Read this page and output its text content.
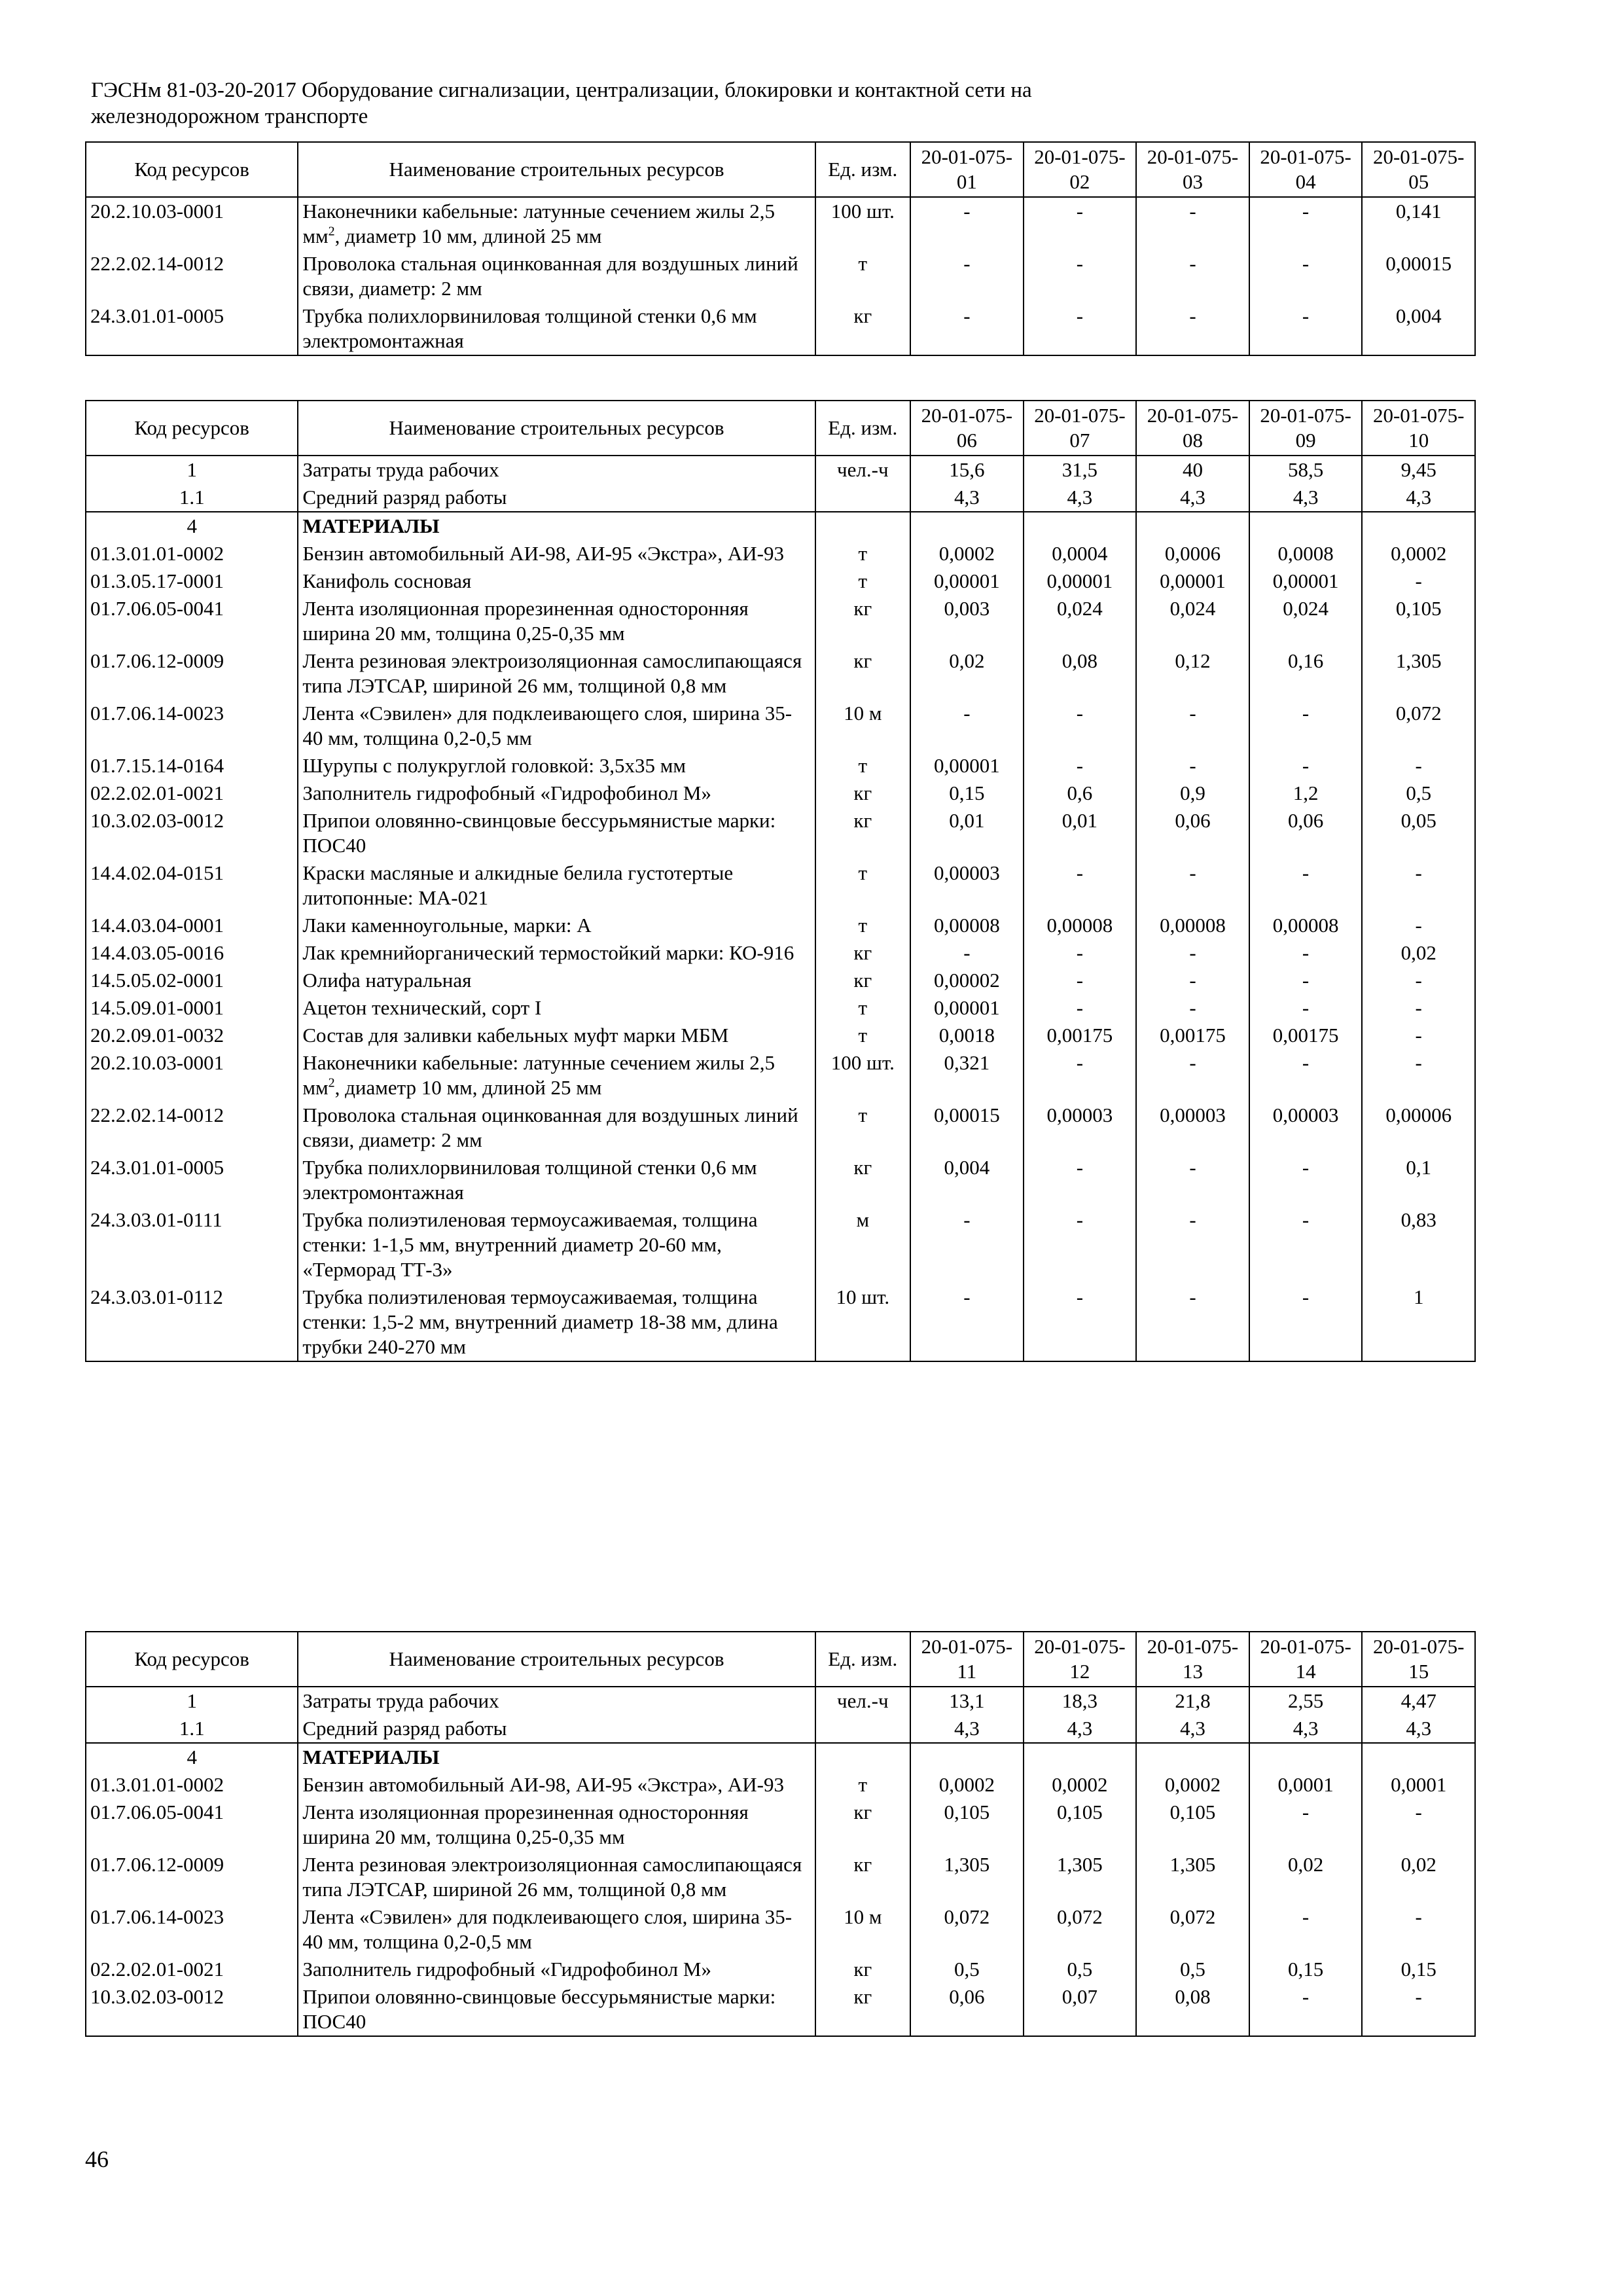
ГЭСНм 81-03-20-2017 Оборудование сигнализации, централизации, блокировки и контактной сети на
железнодорожном транспорте
Код ресурсов	Наименование строительных ресурсов	Ед. изм.	20-01-075-01	20-01-075-02	20-01-075-03	20-01-075-04	20-01-075-05
20.2.10.03-0001	Наконечники кабельные: латунные сечением жилы 2,5 $мм^2$, диаметр 10 мм, длиной 25 мм	100 шт.	-	-	-	-	0,141
22.2.02.14-0012	Проволока стальная оцинкованная для воздушных линий связи, диаметр: 2 мм	т	-	-	-	-	0,00015
24.3.01.01-0005	Трубка полихлорвиниловая толщиной стенки 0,6 мм электромонтажная	кг	-	-	-	-	0,004
Код ресурсов	Наименование строительных ресурсов	Ед. изм.	20-01-075-06	20-01-075-07	20-01-075-08	20-01-075-09	20-01-075-10
1	Затраты труда рабочих	чел.-ч	15,6	31,5	40	58,5	9,45
1.1	Средний разряд работы		4,3	4,3	4,3	4,3	4,3
4	МАТЕРИАЛЫ						
01.3.01.01-0002	Бензин автомобильный АИ-98, АИ-95 «Экстра», АИ-93	т	0,0002	0,0004	0,0006	0,0008	0,0002
01.3.05.17-0001	Канифоль сосновая	т	0,00001	0,00001	0,00001	0,00001	-
01.7.06.05-0041	Лента изоляционная прорезиненная односторонняя ширина 20 мм, толщина 0,25-0,35 мм	кг	0,003	0,024	0,024	0,024	0,105
01.7.06.12-0009	Лента резиновая электроизоляционная самослипающаяся типа ЛЭТСАР, шириной 26 мм, толщиной 0,8 мм	кг	0,02	0,08	0,12	0,16	1,305
01.7.06.14-0023	Лента «Сэвилен» для подклеивающего слоя, ширина 35-40 мм, толщина 0,2-0,5 мм	10 м	-	-	-	-	0,072
01.7.15.14-0164	Шурупы с полукруглой головкой: 3,5x35 мм	т	0,00001	-	-	-	-
02.2.02.01-0021	Заполнитель гидрофобный «Гидрофобинол М»	кг	0,15	0,6	0,9	1,2	0,5
10.3.02.03-0012	Припои оловянно-свинцовые бессурьмянистые марки: ПОС40	кг	0,01	0,01	0,06	0,06	0,05
14.4.02.04-0151	Краски масляные и алкидные белила густотертые литопонные: МА-021	т	0,00003	-	-	-	-
14.4.03.04-0001	Лаки каменноугольные, марки: А	т	0,00008	0,00008	0,00008	0,00008	-
14.4.03.05-0016	Лак кремнийорганический термостойкий марки: КО-916	кг	-	-	-	-	0,02
14.5.05.02-0001	Олифа натуральная	кг	0,00002	-	-	-	-
14.5.09.01-0001	Ацетон технический, сорт I	т	0,00001	-	-	-	-
20.2.09.01-0032	Состав для заливки кабельных муфт марки МБМ	т	0,0018	0,00175	0,00175	0,00175	-
20.2.10.03-0001	Наконечники кабельные: латунные сечением жилы 2,5 $мм^2$, диаметр 10 мм, длиной 25 мм	100 шт.	0,321	-	-	-	-
22.2.02.14-0012	Проволока стальная оцинкованная для воздушных линий связи, диаметр: 2 мм	т	0,00015	0,00003	0,00003	0,00003	0,00006
24.3.01.01-0005	Трубка полихлорвиниловая толщиной стенки 0,6 мм электромонтажная	кг	0,004	-	-	-	0,1
24.3.03.01-0111	Трубка полиэтиленовая термоусаживаемая, толщина стенки: 1-1,5 мм, внутренний диаметр 20-60 мм, «Терморад ТТ-3»	м	-	-	-	-	0,83
24.3.03.01-0112	Трубка полиэтиленовая термоусаживаемая, толщина стенки: 1,5-2 мм, внутренний диаметр 18-38 мм, длина трубки 240-270 мм	10 шт.	-	-	-	-	1
Код ресурсов	Наименование строительных ресурсов	Ед. изм.	20-01-075-11	20-01-075-12	20-01-075-13	20-01-075-14	20-01-075-15
1	Затраты труда рабочих	чел.-ч	13,1	18,3	21,8	2,55	4,47
1.1	Средний разряд работы		4,3	4,3	4,3	4,3	4,3
4	МАТЕРИАЛЫ						
01.3.01.01-0002	Бензин автомобильный АИ-98, АИ-95 «Экстра», АИ-93	т	0,0002	0,0002	0,0002	0,0001	0,0001
01.7.06.05-0041	Лента изоляционная прорезиненная односторонняя ширина 20 мм, толщина 0,25-0,35 мм	кг	0,105	0,105	0,105	-	-
01.7.06.12-0009	Лента резиновая электроизоляционная самослипающаяся типа ЛЭТСАР, шириной 26 мм, толщиной 0,8 мм	кг	1,305	1,305	1,305	0,02	0,02
01.7.06.14-0023	Лента «Сэвилен» для подклеивающего слоя, ширина 35-40 мм, толщина 0,2-0,5 мм	10 м	0,072	0,072	0,072	-	-
02.2.02.01-0021	Заполнитель гидрофобный «Гидрофобинол М»	кг	0,5	0,5	0,5	0,15	0,15
10.3.02.03-0012	Припои оловянно-свинцовые бессурьмянистые марки: ПОС40	кг	0,06	0,07	0,08	-	-
46
